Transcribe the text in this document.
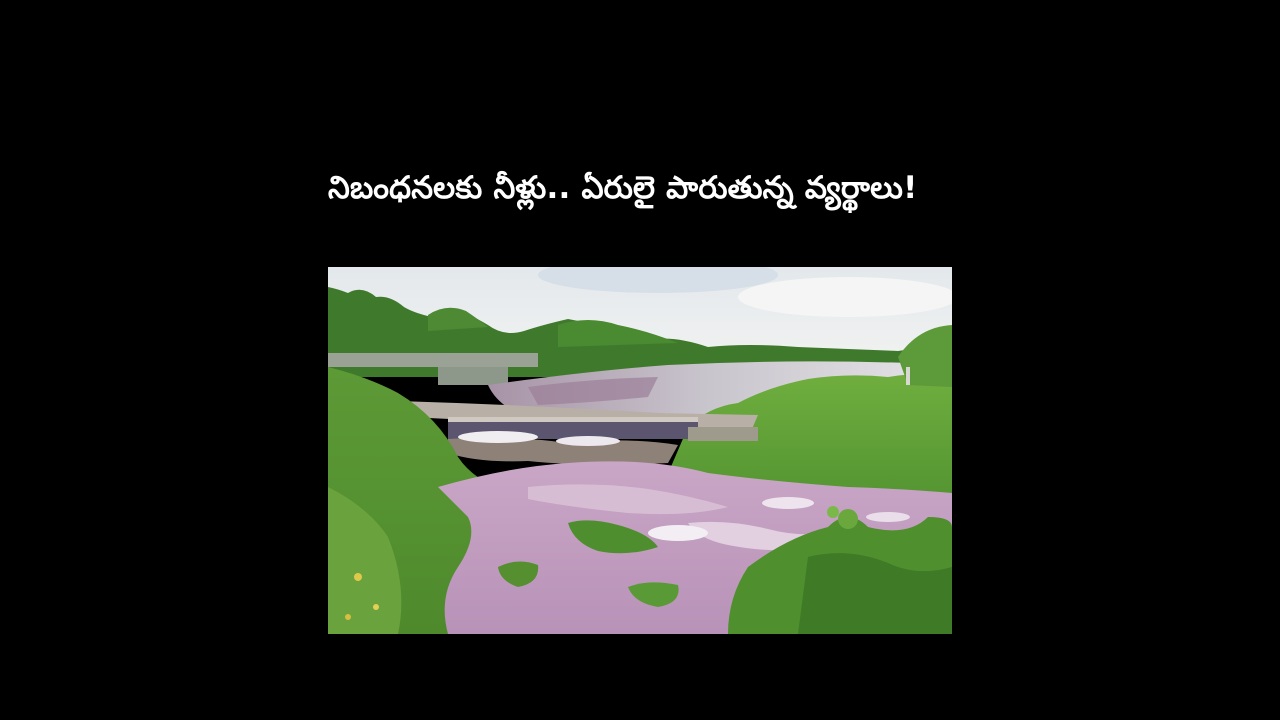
నిబంధనలకు నీళ్లు.. ఏరులై పారుతున్న వ్యర్థాలు!
